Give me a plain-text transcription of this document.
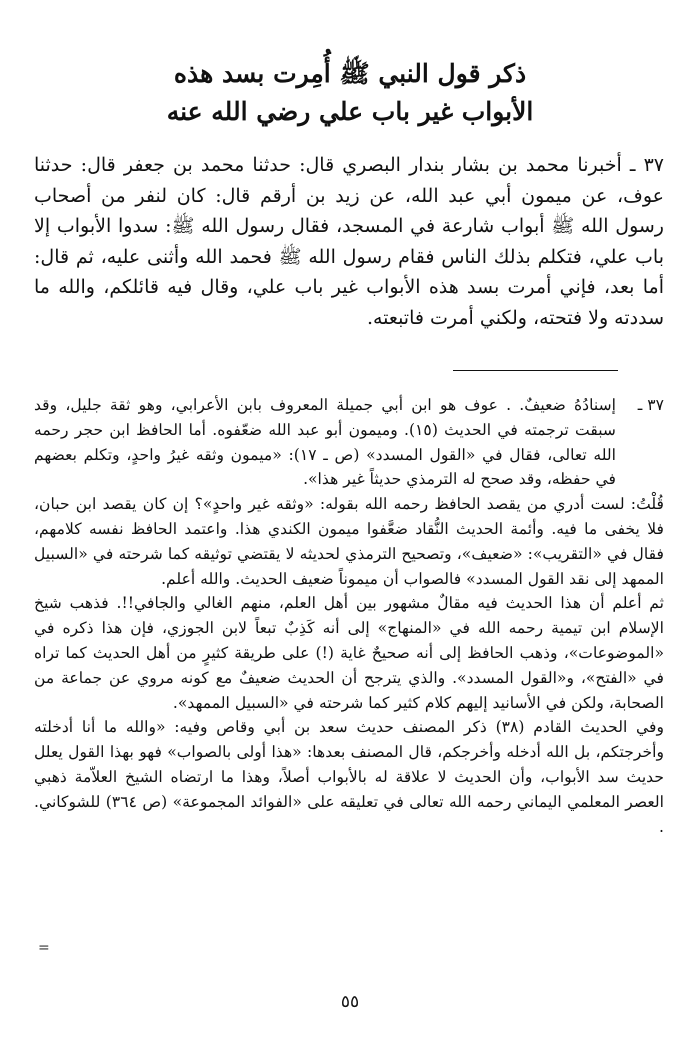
ذكر قول النبي ﷺ أُمِرت بسد هذه
الأبواب غير باب علي رضي الله عنه

٣٧ ـ أخبرنا محمد بن بشار بندار البصري قال: حدثنا محمد بن جعفر قال: حدثنا عوف، عن ميمون أبي عبد الله، عن زيد بن أرقم قال: كان لنفر من أصحاب رسول الله ﷺ أبواب شارعة في المسجد، فقال رسول الله ﷺ: سدوا الأبواب إلا باب علي، فتكلم بذلك الناس فقام رسول الله ﷺ فحمد الله وأثنى عليه، ثم قال: أما بعد، فإني أمرت بسد هذه الأبواب غير باب علي، وقال فيه قائلكم، والله ما سددته ولا فتحته، ولكني أمرت فاتبعته.

٣٧ ـ
إسنادُهُ ضعيفٌ. . عوف هو ابن أبي جميلة المعروف بابن الأعرابي، وهو ثقة جليل، وقد سبقت ترجمته في الحديث (١٥). وميمون أبو عبد الله ضعّفوه. أما الحافظ ابن حجر رحمه الله تعالى، فقال في «القول المسدد» (ص ـ ١٧): «ميمون وثقه غيرُ واحدٍ، وتكلم بعضهم في حفظه، وقد صحح له الترمذي حديثاً غير هذا».

قُلْتُ: لست أدري من يقصد الحافظ رحمه الله بقوله: «وثقه غير واحدٍ»؟ إن كان يقصد ابن حبان، فلا يخفى ما فيه. وأئمة الحديث النُّقاد ضعَّفوا ميمون الكندي هذا. واعتمد الحافظ نفسه كلامهم، فقال في «التقريب»: «ضعيف»، وتصحيح الترمذي لحديثه لا يقتضي توثيقه كما شرحته في «السبيل الممهد إلى نقد القول المسدد» فالصواب أن ميموناً ضعيف الحديث. والله أعلم.

ثم أعلم أن هذا الحديث فيه مقالٌ مشهور بين أهل العلم، منهم الغالي والجافي!!. فذهب شيخ الإسلام ابن تيمية رحمه الله في «المنهاج» إلى أنه كَذِبٌ تبعاً لابن الجوزي، فإن هذا ذكره في «الموضوعات»، وذهب الحافظ إلى أنه صحيحٌ غاية (!) على طريقة كثيرٍ من أهل الحديث كما تراه في «الفتح»، و«القول المسدد». والذي يترجح أن الحديث ضعيفٌ مع كونه مروي عن جماعة من الصحابة، ولكن في الأسانيد إليهم كلام كثير كما شرحته في «السبيل الممهد».

وفي الحديث القادم (٣٨) ذكر المصنف حديث سعد بن أبي وقاص وفيه: «والله ما أنا أدخلته وأخرجتكم، بل الله أدخله وأخرجكم، قال المصنف بعدها: «هذا أولى بالصواب» فهو بهذا القول يعلل حديث سد الأبواب، وأن الحديث لا علاقة له بالأبواب أصلاً، وهذا ما ارتضاه الشيخ العلاّمة ذهبي العصر المعلمي اليماني رحمه الله تعالى في تعليقه على «الفوائد المجموعة» (ص ٣٦٤) للشوكاني. .

=
٥٥
